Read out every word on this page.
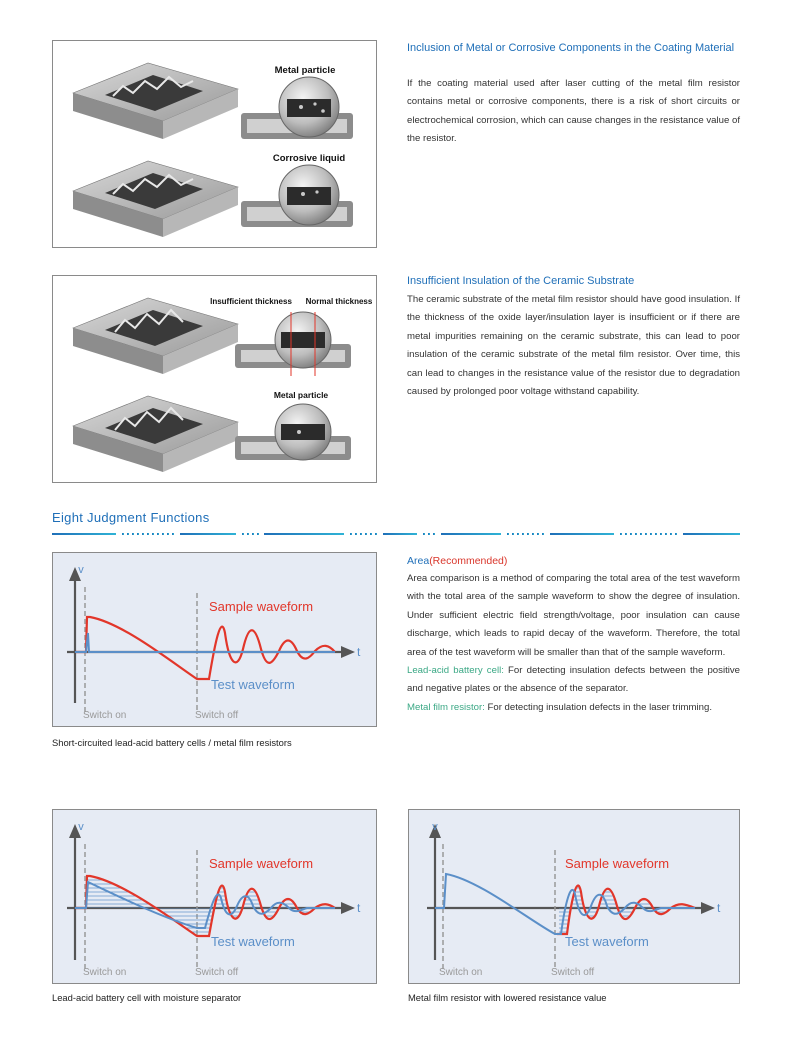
Metal particle
Corrosive liquid
Inclusion of Metal or Corrosive Components in the Coating Material
If the coating material used after laser cutting of the metal film resistor contains metal or corrosive components, there is a risk of short circuits or electrochemical corrosion, which can cause changes in the resistance value of the resistor.
Insufficient thickness Normal thickness
Metal particle
Insufficient Insulation of the Ceramic Substrate
The ceramic substrate of the metal film resistor should have good insulation. If the thickness of the oxide layer/insulation layer is insufficient or if there are metal impurities remaining on the ceramic substrate, this can lead to poor insulation of the ceramic substrate of the metal film resistor. Over time, this can lead to changes in the resistance value of the resistor due to degradation caused by prolonged poor voltage withstand capability.
Eight Judgment Functions
v
t
Sample waveform
Test waveform
Switch on	Switch off
Short-circuited lead-acid battery cells / metal film resistors
Area(Recommended)

Area comparison is a method of comparing the total area of the test waveform with the total area of the sample waveform to show the degree of insulation. Under sufficient electric field strength/voltage, poor insulation can cause discharge, which leads to rapid decay of the waveform. Therefore, the total area of the test waveform will be smaller than that of the sample waveform.

Lead-acid battery cell: For detecting insulation defects between the positive and negative plates or the absence of the separator.

Metal film resistor: For detecting insulation defects in the laser trimming.

v
t
Sample waveform
Test waveform
Switch on	Switch off
Lead-acid battery cell with moisture separator
v
t
Sample waveform
Test waveform
Switch on	Switch off
Metal film resistor with lowered resistance value
